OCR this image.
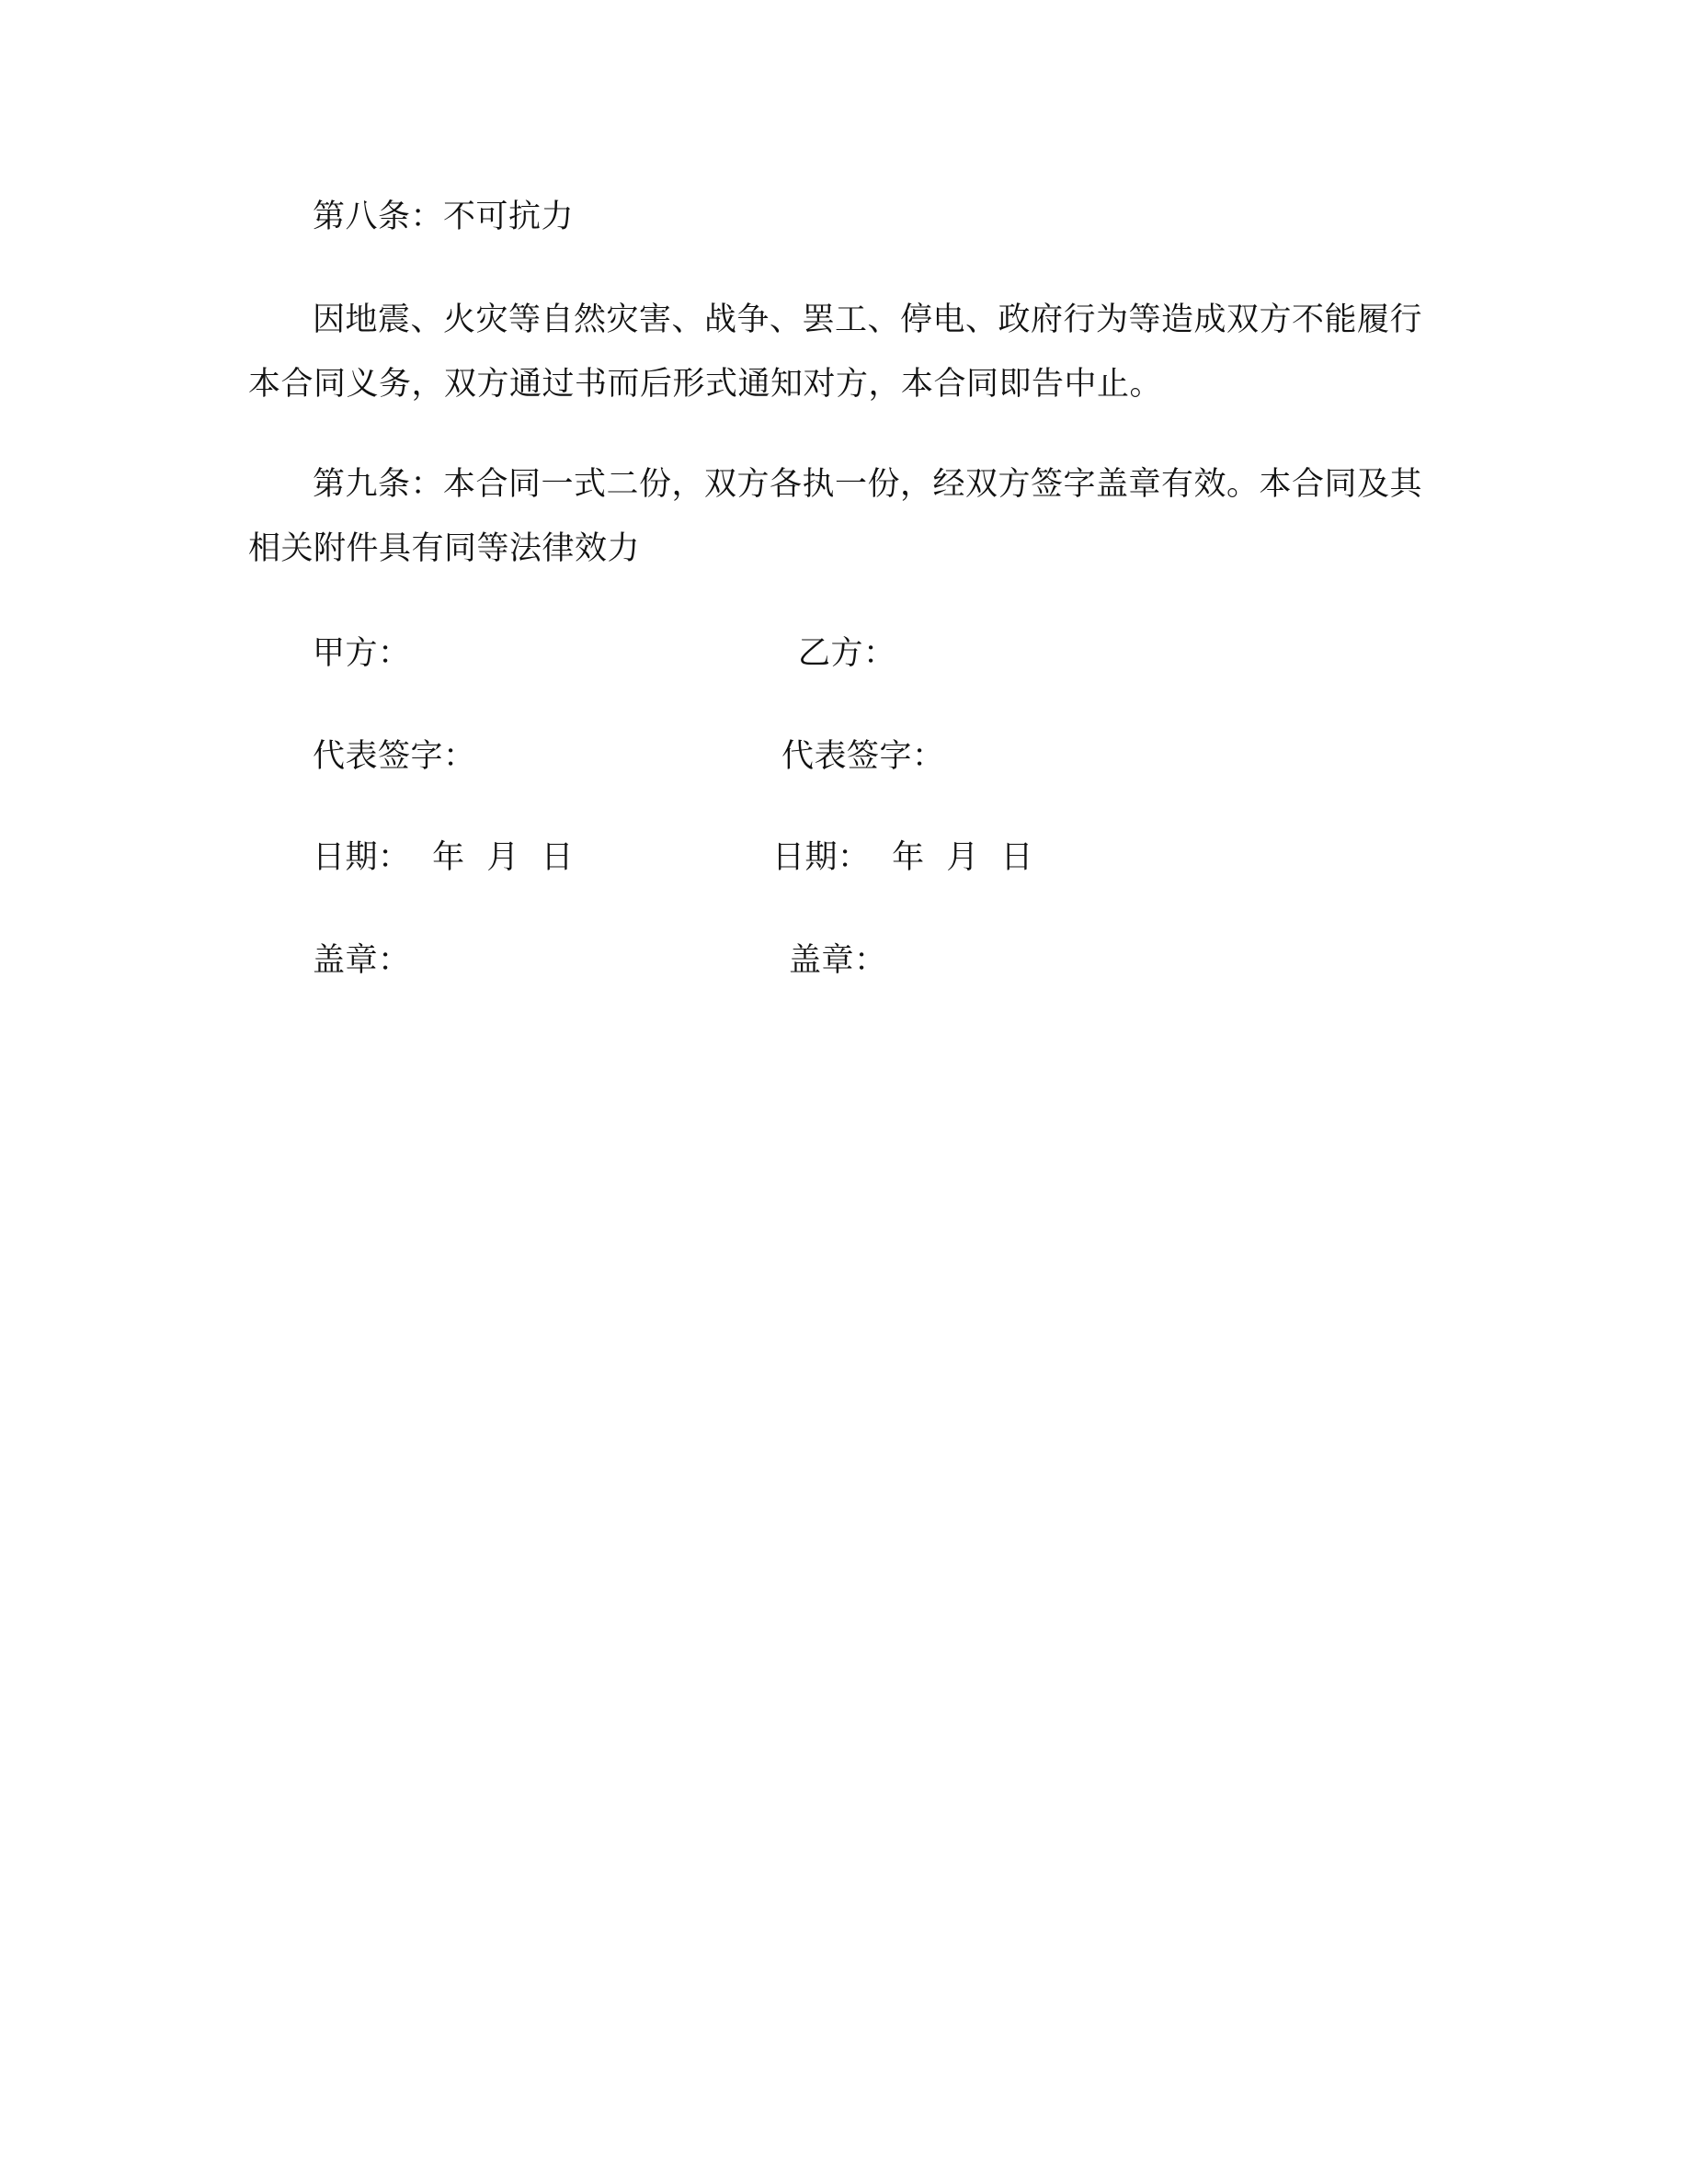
第八条：不可抗力
因地震、火灾等自然灾害、战争、罢工、停电、政府行为等造成双方不能履行
本合同义务，双方通过书而后形式通知对方，本合同即告中止。
第九条：本合同一式二份，双方各执一份，经双方签字盖章有效。本合同及其
相关附件具有同等法律效力
甲方：	乙方：
代表签字：	代表签字：
日期： 年 月 日	日期： 年 月 日
盖章：	盖章：
